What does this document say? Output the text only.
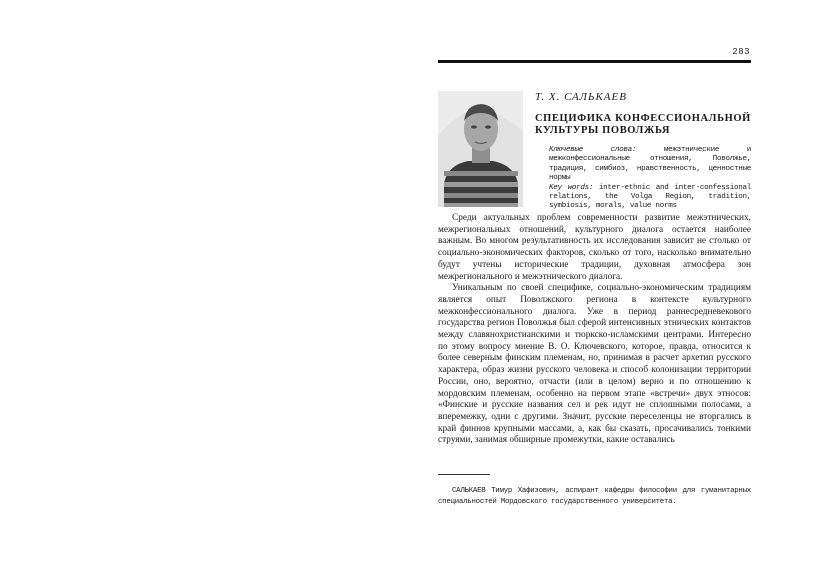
283
Т. Х. САЛЬКАЕВ
СПЕЦИФИКА КОНФЕССИОНАЛЬНОЙ КУЛЬТУРЫ ПОВОЛЖЬЯ
Ключевые слова:	межэтнические и межконфессиональные отношения, Поволжье, традиция, симбиоз, нравственность, ценностные нормы
Key words: inter-ethnic and inter-confessional relations, the Volga Region, tradition, symbiosis, morals, value norms

Среди актуальных проблем современности развитие межэтнических, межрегиональных отношений, культурного диалога остается наиболее важным. Во многом результативность их исследования зависит не столько от социально-экономических факторов, сколько от того, насколько внимательно будут учтены исторические традиции, духовная атмосфера зон межрегионального и межэтнического диалога.

Уникальным по своей специфике, социально-экономическим традициям является опыт Поволжского региона в контексте культурного межконфессионального диалога. Уже в период раннесредневекового государства регион Поволжья был сферой интенсивных этнических контактов между славянохристианскими и тюркско-исламскими центрами. Интересно по этому вопросу мнение В. О. Ключевского, которое, правда, относится к более северным финским племенам, но, принимая в расчет архетип русского характера, образ жизни русского человека и способ колонизации территории России, оно, вероятно, отчасти (или в целом) верно и по отношению к мордовским племенам, особенно на первом этапе «встречи» двух этносов: «Финские и русские названия сел и рек идут не сплошными полосами, а вперемежку, одни с другими. Значит, русские переселенцы не вторгались в край финнов крупными массами, а, как бы сказать, просачивались тонкими струями, занимая обширные промежутки, какие оставались

САЛЬКАЕВ Тимур Хафизович, аспирант кафедры философии для гуманитарных специальностей Мордовского государственного университета.
